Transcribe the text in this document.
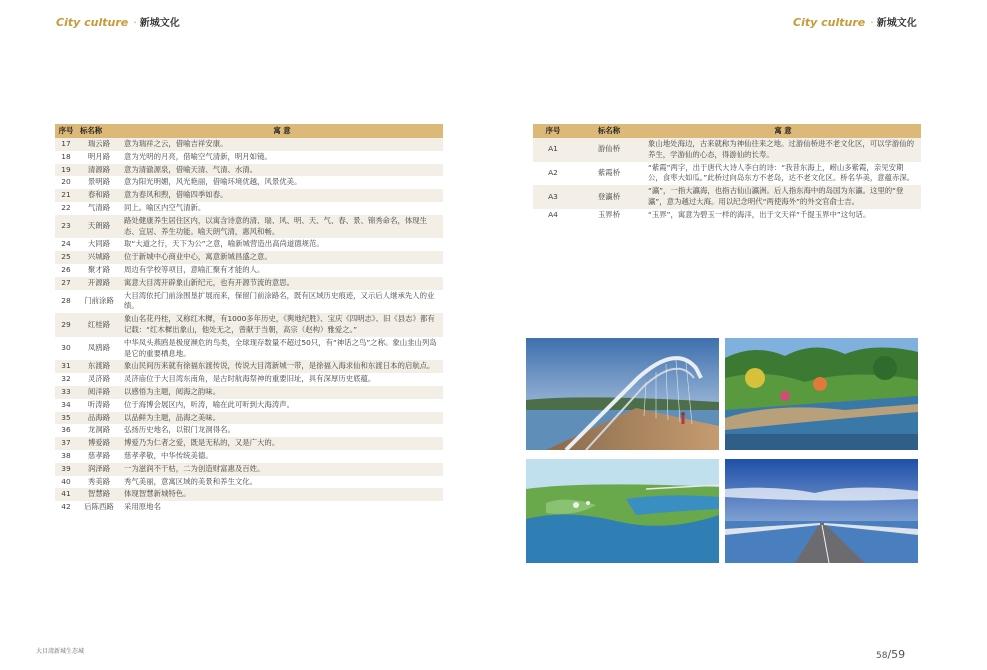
City culture · 新城文化	City culture · 新城文化
序号	标名称	寓 意
17	瑞云路	意为瑞祥之云，借喻吉祥安康。
18	明月路	意为光明的月亮，借喻空气清新，明月如镜。
19	清源路	意为清澈源泉，借喻天清、气清、水清。
20	景明路	意为阳光明媚，风光艳丽，借喻环境优越，风景优美。
21	春和路	意为春风和煦，借喻四季如春。
22	气清路	同上。喻区内空气清新。
23	天朗路	路处健康养生居住区内，以寓含诗意的清、瑞、风、明、天、气、春、景、锦秀命名，体现生态、宜居、养生功能。喻天朗气清，惠风和畅。
24	大同路	取“大道之行，天下为公”之意，喻新城营造出高尚道德规范。
25	兴城路	位于新城中心商业中心，寓意新城昌盛之意。
26	聚才路	周边有学校等项目，意喻汇聚有才能的人。
27	开源路	寓意大目湾开辟象山新纪元，也有开源节流的意思。
28	门前涂路	大目湾依托门前涂围垦扩展而来，保留门前涂路名，既有区域历史痕迹，又示后人继承先人的业绩。
29	红桂路	象山名花丹桂，又称红木樨，有1000多年历史，《舆地纪胜》、宝庆《四明志》、旧《县志》都有记载：“红木樨出象山，他处无之，曾献于当朝，高宗（赵构）雅爱之。”
30	凤鸥路	中华凤头燕鸥是极度濒危的鸟类，全球现存数量不超过50只，有“神话之鸟”之称。象山韭山列岛是它的重要栖息地。
31	东渡路	象山民间历来就有徐福东渡传说，传说大目湾新城一带，是徐福入海求仙和东渡日本的启航点。
32	灵济路	灵济庙位于大目湾东南角，是古时航海祭神的重要旧址，具有深厚历史底蕴。
33	阅洋路	以感悟为主题，阅海之韵味。
34	听涛路	位于海博会展区内，听涛，喻在此可听到大海涛声。
35	品海路	以品鲜为主题，品海之美味。
36	龙洞路	弘扬历史地名，以银门龙洞得名。
37	博爱路	博爱乃为仁者之爱，既是无私的，又是广大的。
38	慈孝路	慈孝孝敬，中华传统美德。
39	润泽路	一为滋润不干枯，二为创造财富惠及百姓。
40	秀美路	秀气美丽，意寓区域的美景和养生文化。
41	智慧路	体现智慧新城特色。
42	后陈西路	采用原地名
序号	标名称	寓 意
A1	游仙桥	象山地处海边，古来就称为神仙往来之地。过游仙桥进不老文化区，可以学游仙的养生，学游仙的心态，得游仙的长寿。
A2	紫霞桥	“紫霞”两字，出于唐代大诗人李白的诗：“我昔东海上，崂山多紫霞，亲见安期公，食枣大如瓜。”此桥过向岛东方不老岛，达不老文化区。桥名华美，意蕴赤深。
A3	登瀛桥	“瀛”，一指大瀛海，也指古仙山瀛洲。后人指东海中的岛国为东瀛。这里的“登瀛”，意为越过大海。用以纪念明代“两使海外”的外交官俞士吉。
A4	玉界桥	“玉界”，寓意为碧玉一样的海洋，出于文天祥“千提玉界中”这句话。
大目湾新城生态城	58/59
